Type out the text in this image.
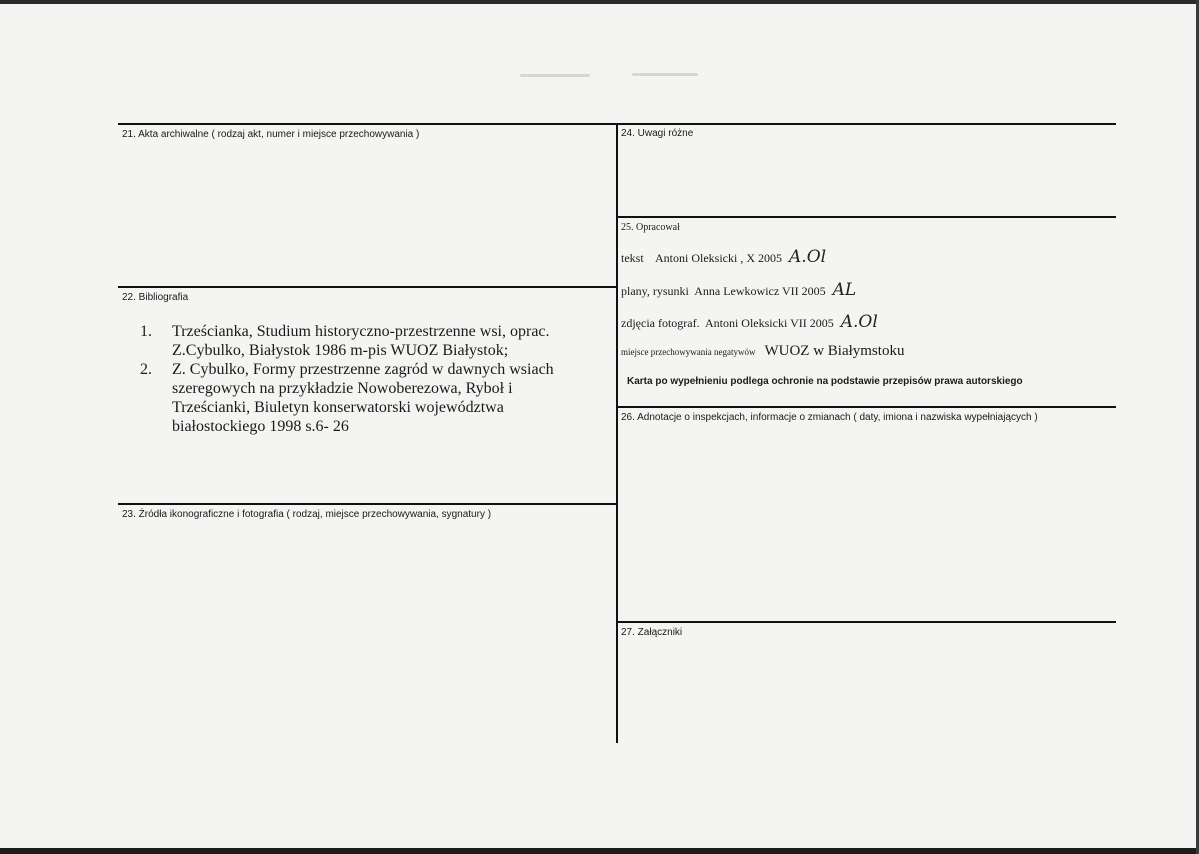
21. Akta archiwalne ( rodzaj akt, numer i miejsce przechowywania )
22. Bibliografia
1.	Trześcianka, Studium historyczno-przestrzenne wsi, oprac. Z.Cybulko, Białystok 1986 m-pis WUOZ Białystok;
2.	Z. Cybulko, Formy przestrzenne zagród w dawnych wsiach szeregowych na przykładzie Nowoberezowa, Ryboł i Trześcianki, Biuletyn konserwatorski województwa białostockiego 1998 s.6- 26
23. Źródła ikonograficzne i fotografia ( rodzaj, miejsce przechowywania, sygnatury )
24. Uwagi różne
25. Opracował
tekst Antoni Oleksicki , X 2005 A.Ol
plany, rysunki Anna Lewkowicz VII 2005 AL
zdjęcia fotograf. Antoni Oleksicki VII 2005 A.Ol
miejsce przechowywania negatywów WUOZ w Białymstoku
Karta po wypełnieniu podlega ochronie na podstawie przepisów prawa autorskiego
26. Adnotacje o inspekcjach, informacje o zmianach ( daty, imiona i nazwiska wypełniających )
27. Załączniki
